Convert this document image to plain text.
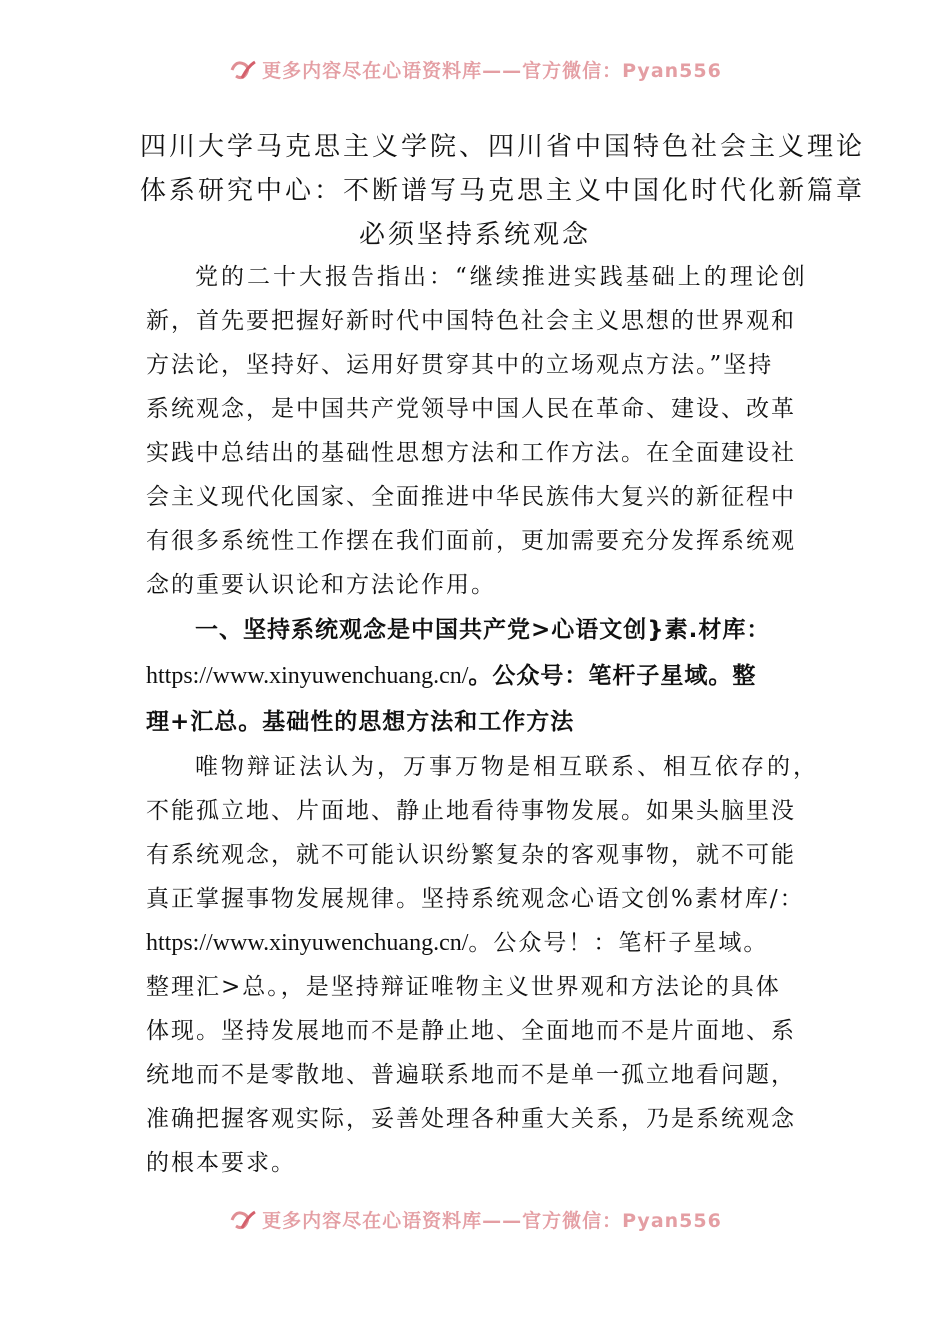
更多内容尽在心语资料库——官方微信：Pyan556
四川大学马克思主义学院、四川省中国特色社会主义理论
体系研究中心：不断谱写马克思主义中国化时代化新篇章
必须坚持系统观念
党的二十大报告指出：“继续推进实践基础上的理论创
新，首先要把握好新时代中国特色社会主义思想的世界观和
方法论，坚持好、运用好贯穿其中的立场观点方法。”坚持
系统观念，是中国共产党领导中国人民在革命、建设、改革
实践中总结出的基础性思想方法和工作方法。在全面建设社
会主义现代化国家、全面推进中华民族伟大复兴的新征程中
有很多系统性工作摆在我们面前，更加需要充分发挥系统观
念的重要认识论和方法论作用。
一、坚持系统观念是中国共产党>心语文创}素.材库：
https://www.xinyuwenchuang.cn/。公众号：笔杆子星域。整
理+汇总。基础性的思想方法和工作方法
唯物辩证法认为，万事万物是相互联系、相互依存的，
不能孤立地、片面地、静止地看待事物发展。如果头脑里没
有系统观念，就不可能认识纷繁复杂的客观事物，就不可能
真正掌握事物发展规律。坚持系统观念心语文创%素材库/：
https://www.xinyuwenchuang.cn/。公众号！：笔杆子星域。
整理汇>总。，是坚持辩证唯物主义世界观和方法论的具体
体现。坚持发展地而不是静止地、全面地而不是片面地、系
统地而不是零散地、普遍联系地而不是单一孤立地看问题，
准确把握客观实际，妥善处理各种重大关系，乃是系统观念
的根本要求。
更多内容尽在心语资料库——官方微信：Pyan556
